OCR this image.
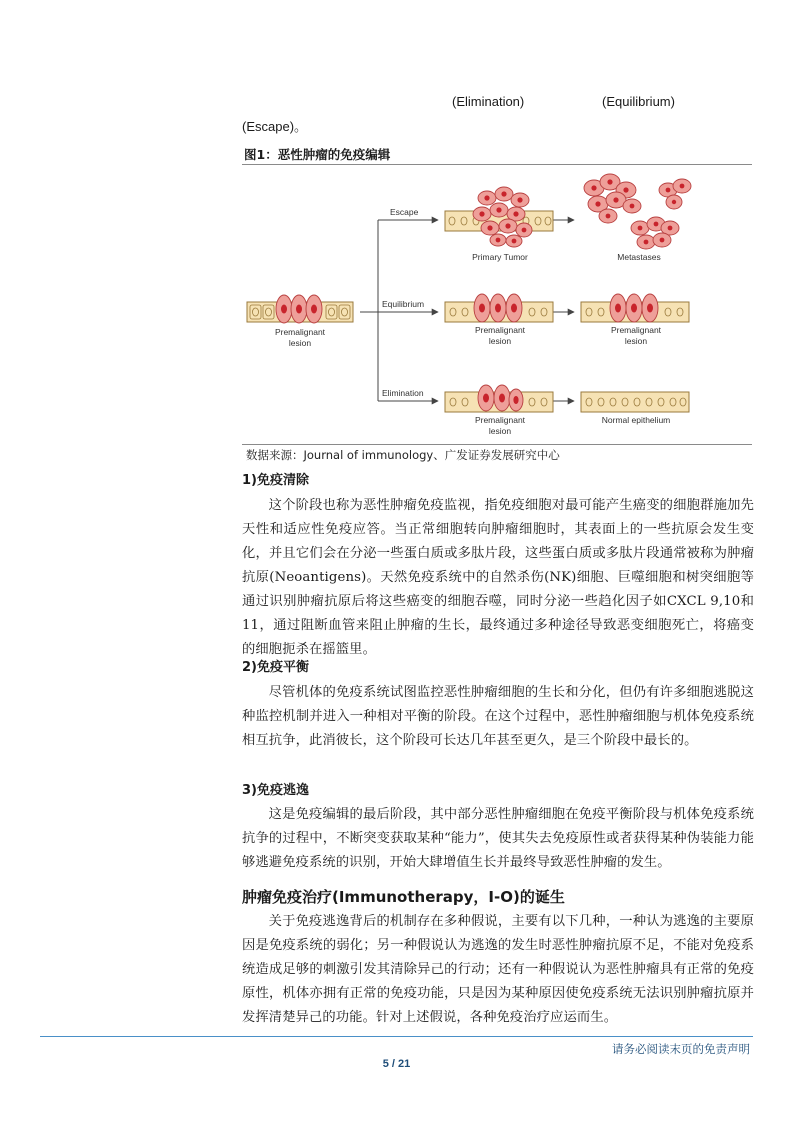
(Elimination)	(Equilibrium)
(Escape)。
图1：恶性肿瘤的免疫编辑
Premalignant
lesion
Escape
Equilibrium
Elimination
Primary Tumor	Metastases
Premalignant
lesion
Premalignant
lesion
Premalignant
lesion
Normal epithelium
数据来源：Journal of immunology、广发证券发展研究中心
1)免疫清除
这个阶段也称为恶性肿瘤免疫监视，指免疫细胞对最可能产生癌变的细胞群施加先天性和适应性免疫应答。当正常细胞转向肿瘤细胞时，其表面上的一些抗原会发生变化，并且它们会在分泌一些蛋白质或多肽片段，这些蛋白质或多肽片段通常被称为肿瘤抗原(Neoantigens)。天然免疫系统中的自然杀伤(NK)细胞、巨噬细胞和树突细胞等通过识别肿瘤抗原后将这些癌变的细胞吞噬，同时分泌一些趋化因子如CXCL 9,10和11，通过阻断血管来阻止肿瘤的生长，最终通过多种途径导致恶变细胞死亡，将癌变的细胞扼杀在摇篮里。
2)免疫平衡
尽管机体的免疫系统试图监控恶性肿瘤细胞的生长和分化，但仍有许多细胞逃脱这种监控机制并进入一种相对平衡的阶段。在这个过程中，恶性肿瘤细胞与机体免疫系统相互抗争，此消彼长，这个阶段可长达几年甚至更久，是三个阶段中最长的。
3)免疫逃逸
这是免疫编辑的最后阶段，其中部分恶性肿瘤细胞在免疫平衡阶段与机体免疫系统抗争的过程中，不断突变获取某种“能力”，使其失去免疫原性或者获得某种伪装能力能够逃避免疫系统的识别，开始大肆增值生长并最终导致恶性肿瘤的发生。
肿瘤免疫治疗(Immunotherapy，I-O)的诞生
关于免疫逃逸背后的机制存在多种假说，主要有以下几种，一种认为逃逸的主要原因是免疫系统的弱化；另一种假说认为逃逸的发生时恶性肿瘤抗原不足，不能对免疫系统造成足够的刺激引发其清除异己的行动；还有一种假说认为恶性肿瘤具有正常的免疫原性，机体亦拥有正常的免疫功能，只是因为某种原因使免疫系统无法识别肿瘤抗原并发挥清楚异己的功能。针对上述假说，各种免疫治疗应运而生。
请务必阅读末页的免责声明
5 / 21
